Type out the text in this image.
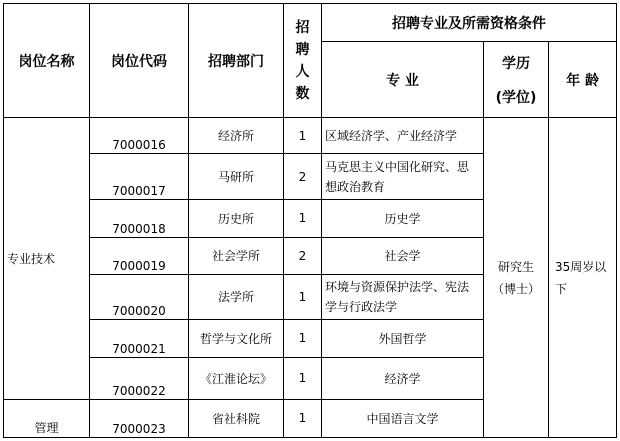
岗位名称	岗位代码	招聘部门	招聘人数	招聘专业及所需资格条件		
				专 业	学历
(学位)	年 龄
专业技术	7000016	经济所	1	区域经济学、产业经济学	研究生（博士）	35周岁以下
	7000017	马研所	2	马克思主义中国化研究、思想政治教育		
	7000018	历史所	1	历史学		
	7000019	社会学所	2	社会学		
	7000020	法学所	1	环境与资源保护法学、宪法学与行政法学		
	7000021	哲学与文化所	1	外国哲学		
	7000022	《江淮论坛》	1	经济学		
管理	7000023	省社科院	1	中国语言文学		
